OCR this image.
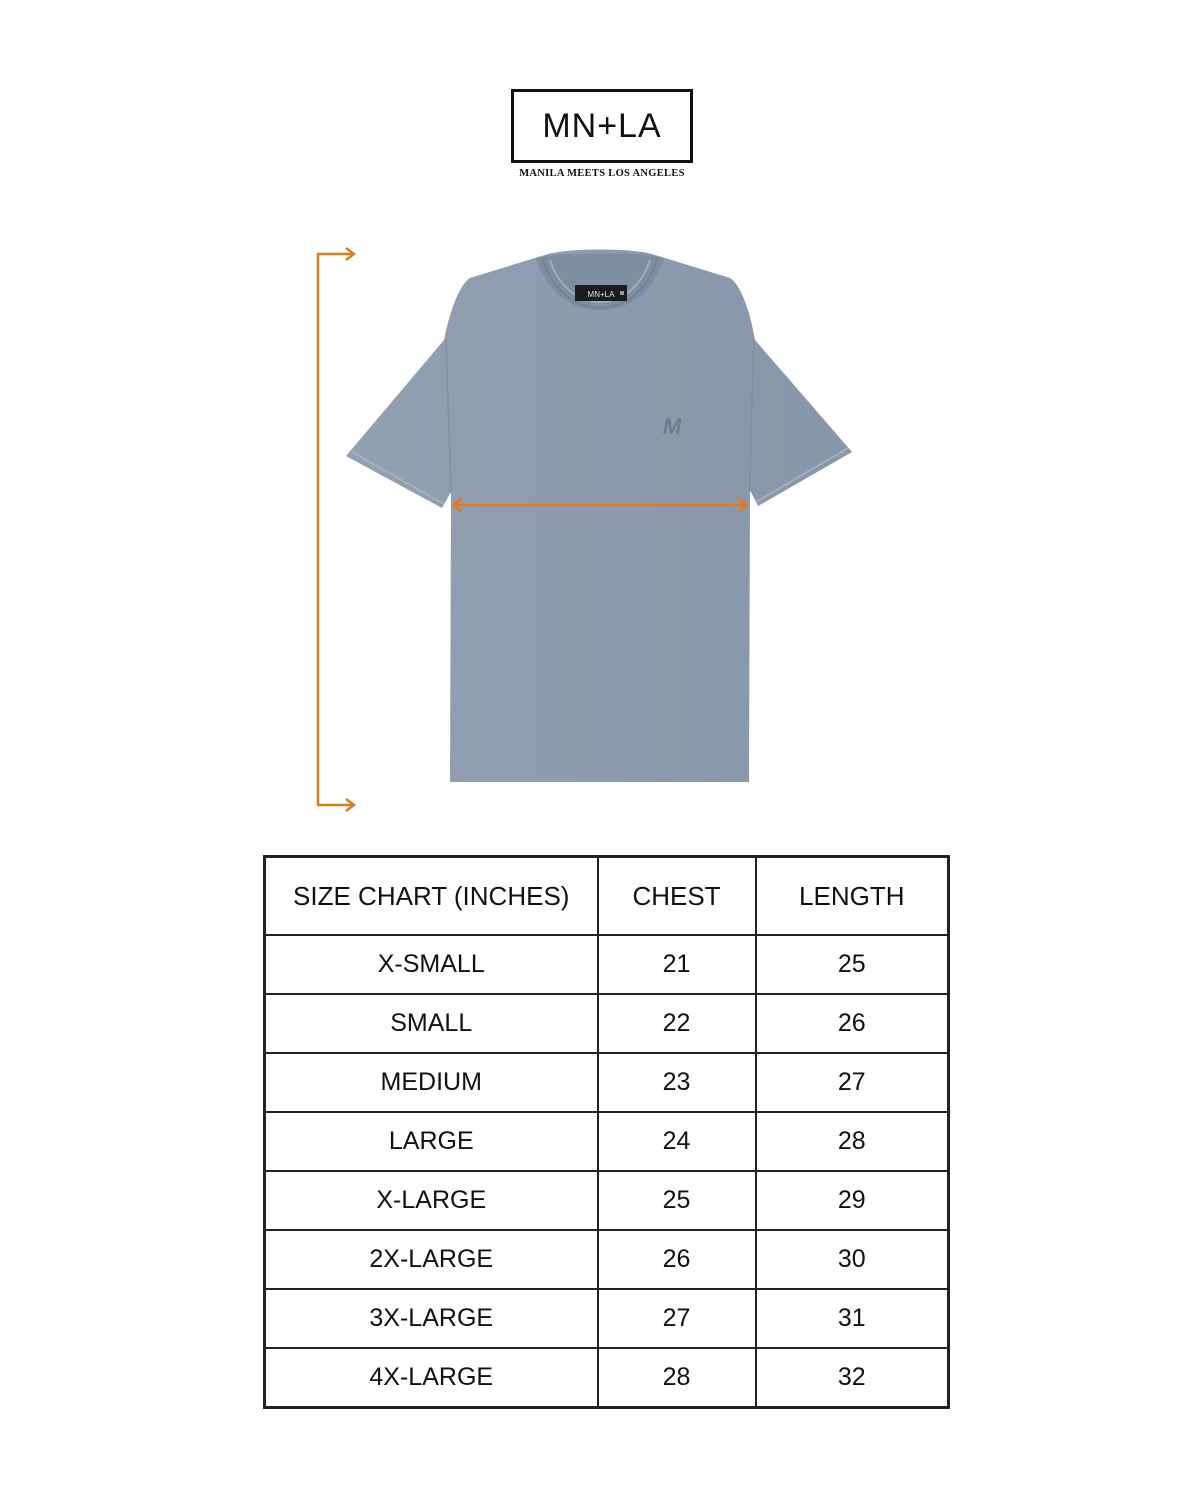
MN+LA
MANILA MEETS LOS ANGELES
MN+LA
M
SIZE CHART (INCHES)	CHEST	LENGTH
X-SMALL	21	25
SMALL	22	26
MEDIUM	23	27
LARGE	24	28
X-LARGE	25	29
2X-LARGE	26	30
3X-LARGE	27	31
4X-LARGE	28	32
